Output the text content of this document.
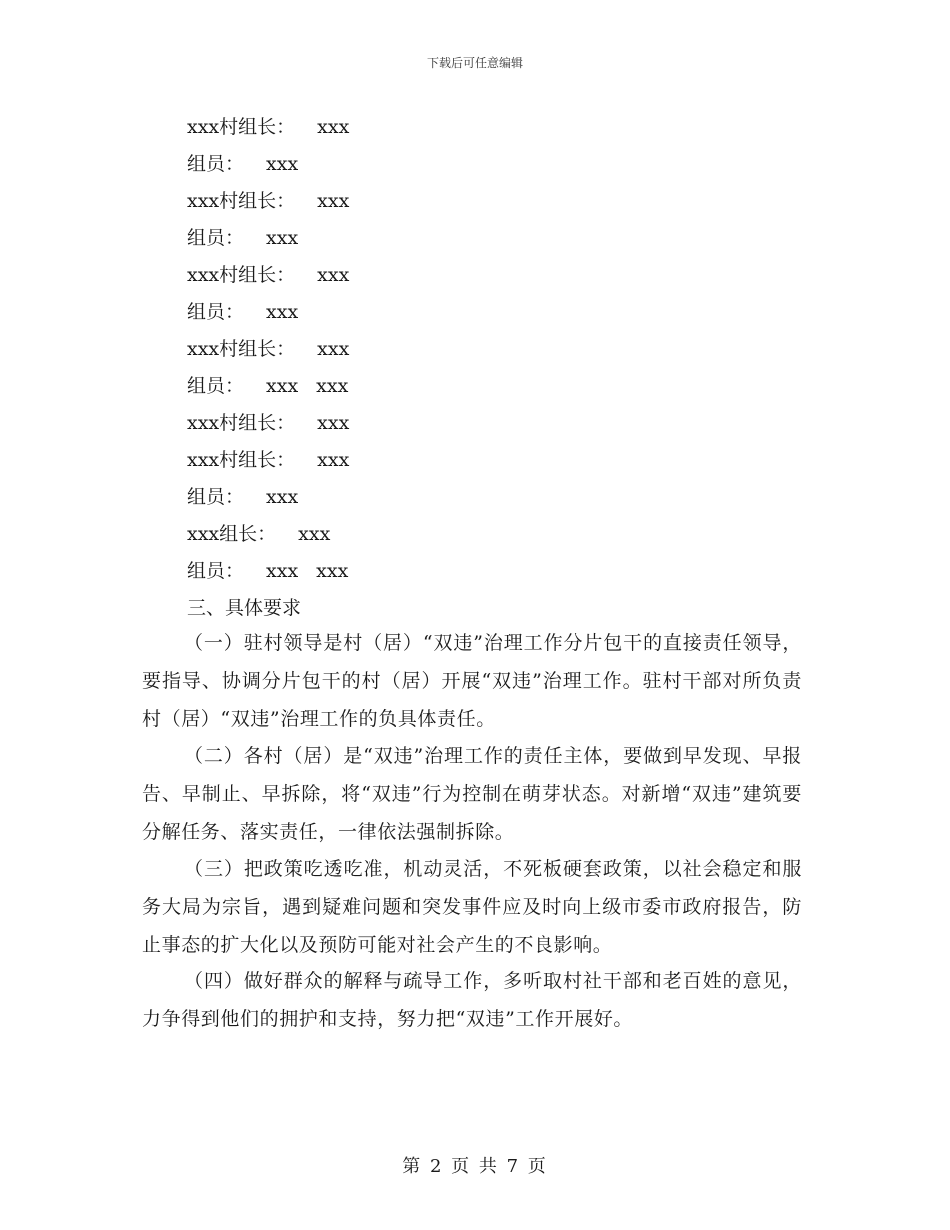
下载后可任意编辑
xxx村组长： xxx
组员： xxx
xxx村组长： xxx
组员： xxx
xxx村组长： xxx
组员： xxx
xxx村组长： xxx
组员： xxx xxx
xxx村组长： xxx
xxx村组长： xxx
组员： xxx
xxx组长： xxx
组员： xxx xxx
三、具体要求

（一）驻村领导是村（居）“双违”治理工作分片包干的直接责任领导，要指导、协调分片包干的村（居）开展“双违”治理工作。驻村干部对所负责村（居）“双违”治理工作的负具体责任。

（二）各村（居）是“双违”治理工作的责任主体，要做到早发现、早报告、早制止、早拆除，将“双违”行为控制在萌芽状态。对新增“双违”建筑要分解任务、落实责任，一律依法强制拆除。

（三）把政策吃透吃准，机动灵活，不死板硬套政策，以社会稳定和服务大局为宗旨，遇到疑难问题和突发事件应及时向上级市委市政府报告，防止事态的扩大化以及预防可能对社会产生的不良影响。

（四）做好群众的解释与疏导工作，多听取村社干部和老百姓的意见，力争得到他们的拥护和支持，努力把“双违”工作开展好。

第 2 页 共 7 页
